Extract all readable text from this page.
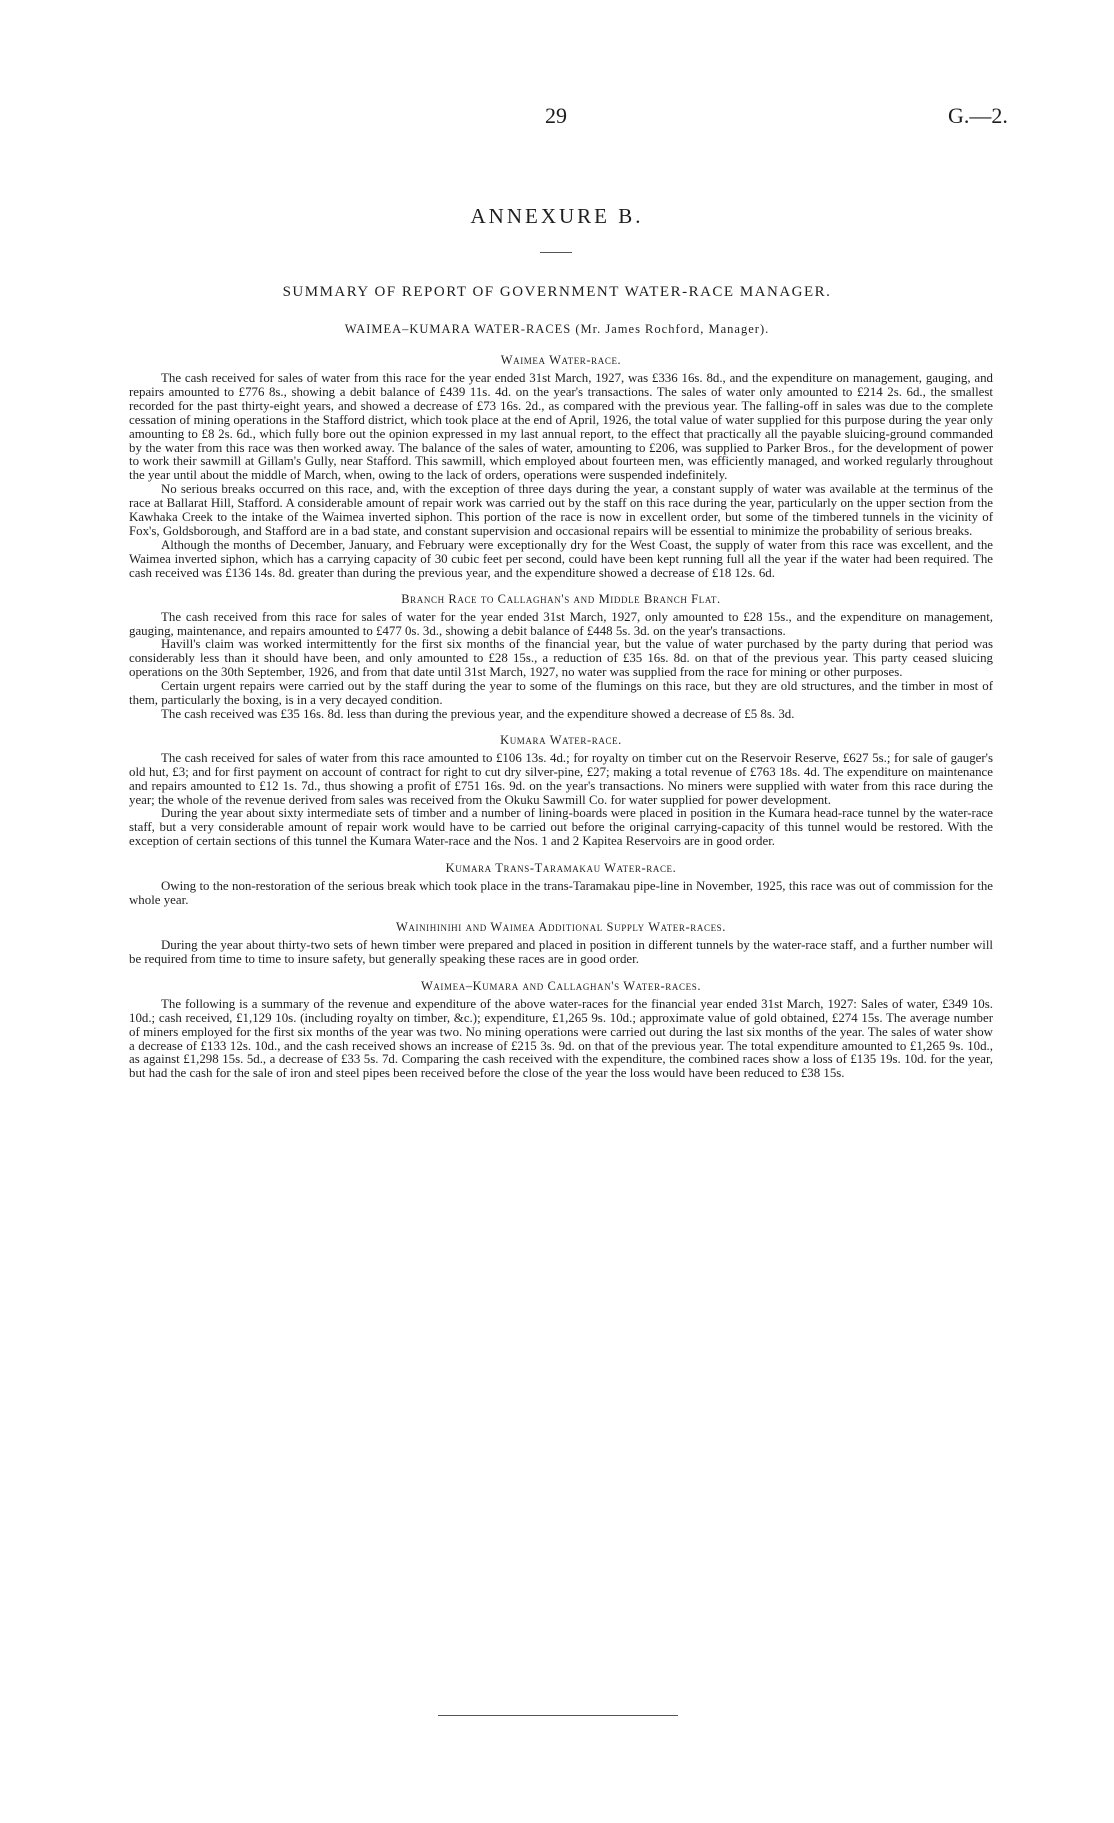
29	G.—2.
ANNEXURE B.
SUMMARY OF REPORT OF GOVERNMENT WATER-RACE MANAGER.
WAIMEA–KUMARA WATER-RACES (Mr. James Rochford, Manager).

Waimea Water-race.

The cash received for sales of water from this race for the year ended 31st March, 1927, was £336 16s. 8d., and the expenditure on management, gauging, and repairs amounted to £776 8s., showing a debit balance of £439 11s. 4d. on the year's transactions. The sales of water only amounted to £214 2s. 6d., the smallest recorded for the past thirty-eight years, and showed a decrease of £73 16s. 2d., as compared with the previous year. The falling-off in sales was due to the complete cessation of mining operations in the Stafford district, which took place at the end of April, 1926, the total value of water supplied for this purpose during the year only amounting to £8 2s. 6d., which fully bore out the opinion expressed in my last annual report, to the effect that practically all the payable sluicing-ground commanded by the water from this race was then worked away. The balance of the sales of water, amounting to £206, was supplied to Parker Bros., for the development of power to work their sawmill at Gillam's Gully, near Stafford. This sawmill, which employed about fourteen men, was efficiently managed, and worked regularly throughout the year until about the middle of March, when, owing to the lack of orders, operations were suspended indefinitely.

No serious breaks occurred on this race, and, with the exception of three days during the year, a constant supply of water was available at the terminus of the race at Ballarat Hill, Stafford. A considerable amount of repair work was carried out by the staff on this race during the year, particularly on the upper section from the Kawhaka Creek to the intake of the Waimea inverted siphon. This portion of the race is now in excellent order, but some of the timbered tunnels in the vicinity of Fox's, Goldsborough, and Stafford are in a bad state, and constant supervision and occasional repairs will be essential to minimize the probability of serious breaks.

Although the months of December, January, and February were exceptionally dry for the West Coast, the supply of water from this race was excellent, and the Waimea inverted siphon, which has a carrying capacity of 30 cubic feet per second, could have been kept running full all the year if the water had been required. The cash received was £136 14s. 8d. greater than during the previous year, and the expenditure showed a decrease of £18 12s. 6d.

Branch Race to Callaghan's and Middle Branch Flat.

The cash received from this race for sales of water for the year ended 31st March, 1927, only amounted to £28 15s., and the expenditure on management, gauging, maintenance, and repairs amounted to £477 0s. 3d., showing a debit balance of £448 5s. 3d. on the year's transactions.

Havill's claim was worked intermittently for the first six months of the financial year, but the value of water purchased by the party during that period was considerably less than it should have been, and only amounted to £28 15s., a reduction of £35 16s. 8d. on that of the previous year. This party ceased sluicing operations on the 30th September, 1926, and from that date until 31st March, 1927, no water was supplied from the race for mining or other purposes.

Certain urgent repairs were carried out by the staff during the year to some of the flumings on this race, but they are old structures, and the timber in most of them, particularly the boxing, is in a very decayed condition.

The cash received was £35 16s. 8d. less than during the previous year, and the expenditure showed a decrease of £5 8s. 3d.

Kumara Water-race.

The cash received for sales of water from this race amounted to £106 13s. 4d.; for royalty on timber cut on the Reservoir Reserve, £627 5s.; for sale of gauger's old hut, £3; and for first payment on account of contract for right to cut dry silver-pine, £27; making a total revenue of £763 18s. 4d. The expenditure on maintenance and repairs amounted to £12 1s. 7d., thus showing a profit of £751 16s. 9d. on the year's transactions. No miners were supplied with water from this race during the year; the whole of the revenue derived from sales was received from the Okuku Sawmill Co. for water supplied for power development.

During the year about sixty intermediate sets of timber and a number of lining-boards were placed in position in the Kumara head-race tunnel by the water-race staff, but a very considerable amount of repair work would have to be carried out before the original carrying-capacity of this tunnel would be restored. With the exception of certain sections of this tunnel the Kumara Water-race and the Nos. 1 and 2 Kapitea Reservoirs are in good order.

Kumara Trans-Taramakau Water-race.

Owing to the non-restoration of the serious break which took place in the trans-Taramakau pipe-line in November, 1925, this race was out of commission for the whole year.

Wainihinihi and Waimea Additional Supply Water-races.

During the year about thirty-two sets of hewn timber were prepared and placed in position in different tunnels by the water-race staff, and a further number will be required from time to time to insure safety, but generally speaking these races are in good order.

Waimea–Kumara and Callaghan's Water-races.

The following is a summary of the revenue and expenditure of the above water-races for the financial year ended 31st March, 1927: Sales of water, £349 10s. 10d.; cash received, £1,129 10s. (including royalty on timber, &c.); expenditure, £1,265 9s. 10d.; approximate value of gold obtained, £274 15s. The average number of miners employed for the first six months of the year was two. No mining operations were carried out during the last six months of the year. The sales of water show a decrease of £133 12s. 10d., and the cash received shows an increase of £215 3s. 9d. on that of the previous year. The total expenditure amounted to £1,265 9s. 10d., as against £1,298 15s. 5d., a decrease of £33 5s. 7d. Comparing the cash received with the expenditure, the combined races show a loss of £135 19s. 10d. for the year, but had the cash for the sale of iron and steel pipes been received before the close of the year the loss would have been reduced to £38 15s.
